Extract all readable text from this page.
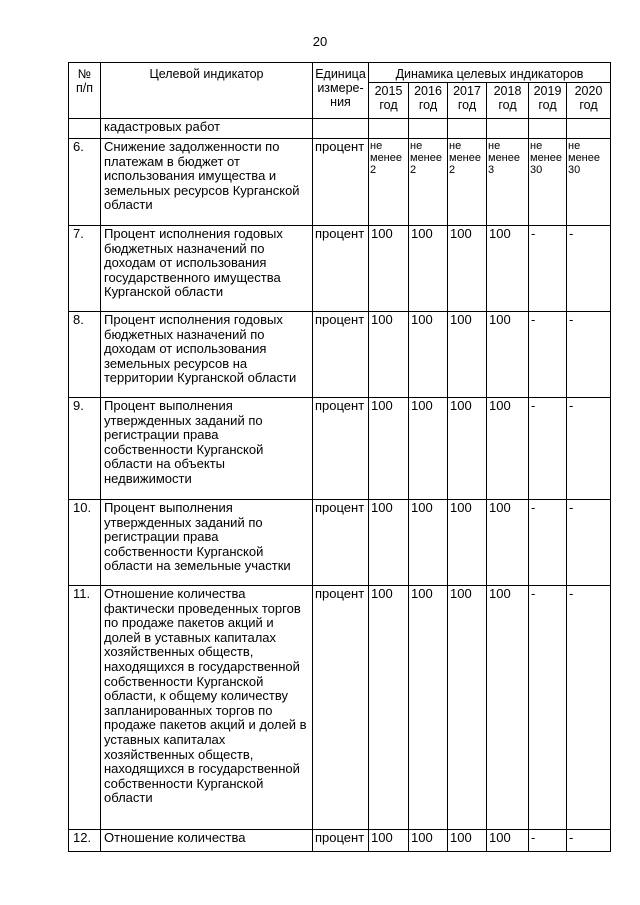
20
№ п/п	Целевой индикатор	Единица измере-ния	Динамика целевых индикаторов					
			2015 год	2016 год	2017 год	2018 год	2019 год	2020 год
	кадастровых работ							
6.	Снижение задолженности по платежам в бюджет от использования имущества и земельных ресурсов Курганской области	процент	не менее 2	не менее 2	не менее 2	не менее 3	не менее 30	не менее 30
7.	Процент исполнения годовых бюджетных назначений по доходам от использования государственного имущества Курганской области	процент	100	100	100	100	-	-
8.	Процент исполнения годовых бюджетных назначений по доходам от использования земельных ресурсов на территории Курганской области	процент	100	100	100	100	-	-
9.	Процент выполнения утвержденных заданий по регистрации права собственности Курганской области на объекты недвижимости	процент	100	100	100	100	-	-
10.	Процент выполнения утвержденных заданий по регистрации права собственности Курганской области на земельные участки	процент	100	100	100	100	-	-
11.	Отношение количества фактически проведенных торгов по продаже пакетов акций и долей в уставных капиталах хозяйственных обществ, находящихся в государственной собственности Курганской области, к общему количеству запланированных торгов по продаже пакетов акций и долей в уставных капиталах хозяйственных обществ, находящихся в государственной собственности Курганской области	процент	100	100	100	100	-	-
12.	Отношение количества	процент	100	100	100	100	-	-
